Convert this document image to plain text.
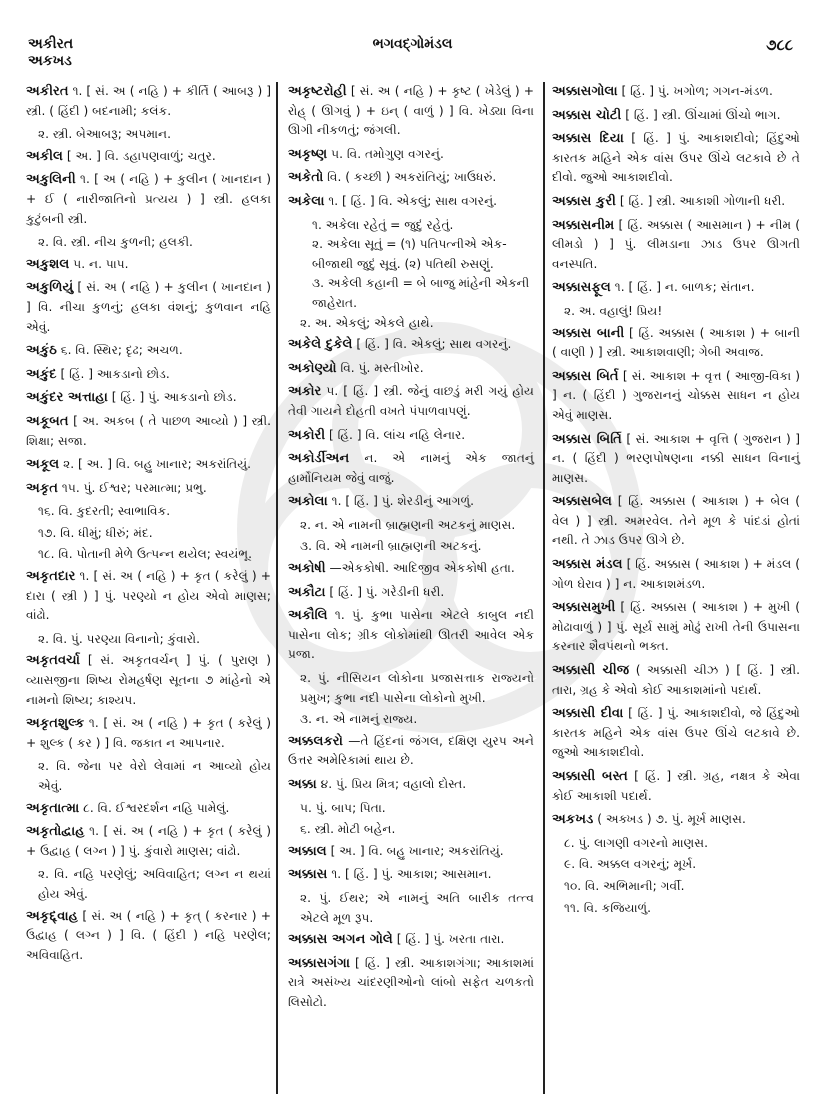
અકીરત
અકખડ
ભગવદ્ગોમંડલ	૭૮૮
અકીરત ૧. [ સં. અ ( નહિ ) + કીર્તિ ( આબરૂ ) ] સ્ત્રી. ( હિંદી ) બદનામી; કલંક.
૨. સ્ત્રી. બેઆબરૂ; અપમાન.
અકીલ [ અ. ] વિ. ડહાપણવાળું; ચતુર.
અકુલિની ૧. [ અ ( નહિ ) + કુલીન ( ખાનદાન ) + ઈ ( નારીજાતિનો પ્રત્યય ) ] સ્ત્રી. હલકા કુટુંબની સ્ત્રી.
૨. વિ. સ્ત્રી. નીચ કુળની; હલકી.
અકુશલ ૫. ન. પાપ.
અકુળિયું [ સં. અ ( નહિ ) + કુલીન ( ખાનદાન ) ] વિ. નીચા કુળનું; હલકા વંશનું; કુળવાન નહિ એવું.
અકુંઠ ૬. વિ. સ્થિર; દૃઢ; અચળ.
અકુંદ [ હિં. ] આકડાનો છોડ.
અકુંદર અત્તાહા [ હિં. ] પું. આકડાનો છોડ.
અકૂબત [ અ. અકબ ( તે પાછળ આવ્યો ) ] સ્ત્રી. શિક્ષા; સજા.
અકૂલ ૨. [ અ. ] વિ. બહુ ખાનાર; અકરાંતિયું.
અકૃત ૧૫. પું. ઈશ્વર; પરમાત્મા; પ્રભુ.
૧૬. વિ. કુદરતી; સ્વાભાવિક.
૧૭. વિ. ધીમું; ધીરું; મંદ.
૧૮. વિ. પોતાની મેળે ઉત્પન્ન થયેલ; સ્વયંભૂ.
અકૃતદાર ૧. [ સં. અ ( નહિ ) + કૃત ( કરેલું ) + દારા ( સ્ત્રી ) ] પું. પરણ્યો ન હોય એવો માણસ; વાંઢો.
૨. વિ. પું. પરણ્યા વિનાનો; કુંવારો.
અકૃતવર્ચા [ સં. અકૃતવર્ચન્ ] પું. ( પુરાણ ) વ્યાસજીના શિષ્ય રોમહર્ષણ સૂતના ૭ માંહેનો એ નામનો શિષ્ય; કાશ્યપ.
અકૃતશુલ્ક ૧. [ સં. અ ( નહિ ) + કૃત ( કરેલું ) + શુલ્ક ( કર ) ] વિ. જકાત ન આપનાર.
૨. વિ. જેના પર વેરો લેવામાં ન આવ્યો હોય એવું.
અકૃતાત્મા ૮. વિ. ઈશ્વરદર્શન નહિ પામેલું.
અકૃતોદ્વાહ ૧. [ સં. અ ( નહિ ) + કૃત ( કરેલું ) + ઉદ્વાહ ( લગ્ન ) ] પું. કુંવારો માણસ; વાંઢો.
૨. વિ. નહિ પરણેલું; અવિવાહિત; લગ્ન ન થયાં હોય એવું.
અકૃદ્દ્વાહ [ સં. અ ( નહિ ) + કૃત્ ( કરનાર ) + ઉદ્વાહ ( લગ્ન ) ] વિ. ( હિંદી ) નહિ પરણેલ; અવિવાહિત.
અકૃષ્ટરોહી [ સં. અ ( નહિ ) + કૃષ્ટ ( ખેડેલું ) + રોહ્ ( ઊગવું ) + ઇન્ ( વાળું ) ] વિ. ખેડ્યા વિના ઊગી નીકળતું; જંગલી.
અકૃષ્ણ ૫. વિ. તમોગુણ વગરનું.
અકેતો વિ. ( કચ્છી ) અકરાંતિયું; ખાઉધરું.
અકેલા ૧. [ હિં. ] વિ. એકલું; સાથ વગરનું.
૧. અકેલા રહેતું = જુદું રહેતું.
૨. અકેલા સૂતું = (૧) પતિપત્નીએ એક-બીજાથી જુદું સૂવું. (૨) પતિથી રુસણું.
૩. અકેલી કહાની = બે બાજુ માંહેની એકની જાહેરાત.
૨. અ. એકલું; એકલે હાથે.
અકેલે દુકેલે [ હિં. ] વિ. એકલું; સાથ વગરનું.
અકોણ્યો વિ. પું. મસ્તીખોર.
અકોર ૫. [ હિં. ] સ્ત્રી. જેનું વાછડું મરી ગયું હોય તેવી ગાયને દોહતી વખતે પંપાળવાપણું.
અકોરી [ હિં. ] વિ. લાંચ નહિ લેનાર.
અકોર્ડીઅન ન. એ નામનું એક જાતનું હાર્મોનિયમ જેવું વાજું.
અકોલા ૧. [ હિં. ] પું. શેરડીનું આગળું.
૨. ન. એ નામની બ્રાહ્મણની અટકનું માણસ.
૩. વિ. એ નામની બ્રાહ્મણની અટકનું.
અકોષી —એકકોષી. આદિજીવ એકકોષી હતા.
અકૌટા [ હિં. ] પું. ગરેડીની ધરી.
અકૌલિ ૧. પું. કુભા પાસેના એટલે કાબુલ નદી પાસેના લોક; ગ્રીક લોકોમાંથી ઊતરી આવેલ એક પ્રજા.
૨. પું. નીસિયન લોકોના પ્રજાસત્તાક રાજ્યનો પ્રમુખ; કુભા નદી પાસેના લોકોનો મુખી.
૩. ન. એ નામનું રાજ્ય.
અક્કલકરો —તે હિંદનાં જંગલ, દક્ષિણ યુરપ અને ઉત્તર અમેરિકામાં થાય છે.
અક્કા ૪. પું. પ્રિય મિત્ર; વહાલો દોસ્ત.
૫. પું. બાપ; પિતા.
૬. સ્ત્રી. મોટી બહેન.
અક્કાલ [ અ. ] વિ. બહુ ખાનાર; અકરાંતિયું.
અક્કાસ ૧. [ હિં. ] પું. આકાશ; આસમાન.
૨. પું. ઈથર; એ નામનું અતિ બારીક તત્ત્વ એટલે મૂળ રૂપ.
અક્કાસ અગન ગોલે [ હિં. ] પું. ખરતા તારા.
અક્કાસગંગા [ હિં. ] સ્ત્રી. આકાશગંગા; આકાશમાં રાત્રે અસંખ્ય ચાંદરણીઓનો લાંબો સફેત ચળકતો લિસોટો.
અક્કાસગોલા [ હિં. ] પું. ખગોળ; ગગન-મંડળ.
અક્કાસ ચોટી [ હિં. ] સ્ત્રી. ઊંચામાં ઊંચો ભાગ.
અક્કાસ દિયા [ હિં. ] પું. આકાશદીવો; હિંદુઓ કારતક મહિને એક વાંસ ઉપર ઊંચે લટકાવે છે તે દીવો. જુઓ આકાશદીવો.
અક્કાસ કુરી [ હિં. ] સ્ત્રી. આકાશી ગોળાની ધરી.
અક્કાસનીમ [ હિં. અક્કાસ ( આસમાન ) + નીમ ( લીમડો ) ] પું. લીમડાના ઝાડ ઉપર ઊગતી વનસ્પતિ.
અક્કાસફૂલ ૧. [ હિં. ] ન. બાળક; સંતાન.
૨. અ. વહાલું! પ્રિય!
અક્કાસ બાની [ હિં. અક્કાસ ( આકાશ ) + બાની ( વાણી ) ] સ્ત્રી. આકાશવાણી; ગેબી અવાજ.
અક્કાસ બિર્ત [ સં. આકાશ + વૃત્ત ( આજી-વિકા ) ] ન. ( હિંદી ) ગુજરાનનું ચોક્કસ સાધન ન હોય એવું માણસ.
અક્કાસ બિર્તિ [ સં. આકાશ + વૃત્તિ ( ગુજરાન ) ] ન. ( હિંદી ) ભરણપોષણના નક્કી સાધન વિનાનું માણસ.
અક્કાસબેલ [ હિં. અક્કાસ ( આકાશ ) + બેલ ( વેલ ) ] સ્ત્રી. અમરવેલ. તેને મૂળ કે પાંદડાં હોતાં નથી. તે ઝાડ ઉપર ઊગે છે.
અક્કાસ મંડલ [ હિં. અક્કાસ ( આકાશ ) + મંડલ ( ગોળ ઘેરાવ ) ] ન. આકાશમંડળ.
અક્કાસમુખી [ હિં. અક્કાસ ( આકાશ ) + મુખી ( મોઢાવાળું ) ] પું. સૂર્ય સામું મોઢું રાખી તેની ઉપાસના કરનાર શૈવપંથનો ભક્ત.
અક્કાસી ચીજ ( અક્કાસી ચીઝ ) [ હિં. ] સ્ત્રી. તારા, ગ્રહ કે એવો કોઈ આકાશમાંનો પદાર્થ.
અક્કાસી દીવા [ હિં. ] પું. આકાશદીવો, જે હિંદુઓ કારતક મહિને એક વાંસ ઉપર ઊંચે લટકાવે છે. જુઓ આકાશદીવો.
અક્કાસી બસ્ત [ હિં. ] સ્ત્રી. ગ્રહ, નક્ષત્ર કે એવા કોઈ આકાશી પદાર્થ.
અકખડ ( અક્ખડ ) ૭. પું. મૂર્ખ માણસ.
૮. પું. લાગણી વગરનો માણસ.
૯. વિ. અક્કલ વગરનું; મૂર્ખ.
૧૦. વિ. અભિમાની; ગર્વી.
૧૧. વિ. કજિયાળું.
